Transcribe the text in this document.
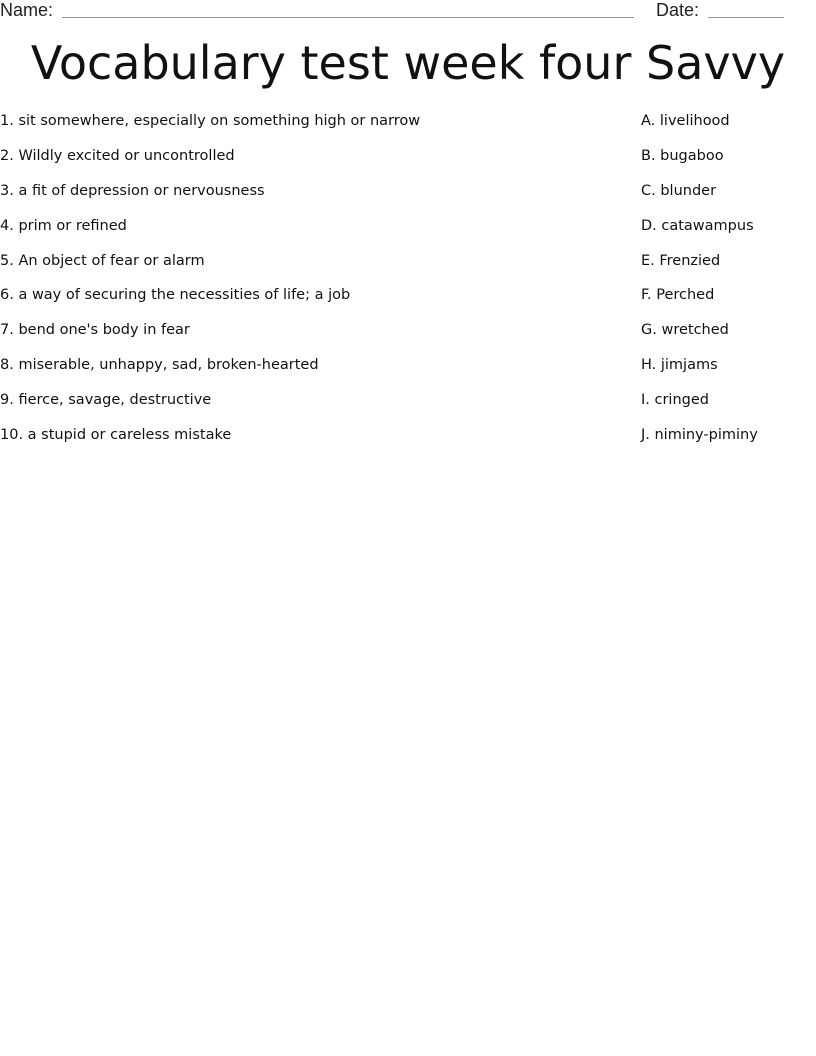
Name:	Date:
Vocabulary test week four Savvy
1. sit somewhere, especially on something high or narrow
2. Wildly excited or uncontrolled
3. a fit of depression or nervousness
4. prim or refined
5. An object of fear or alarm
6. a way of securing the necessities of life; a job
7. bend one's body in fear
8. miserable, unhappy, sad, broken-hearted
9. fierce, savage, destructive
10. a stupid or careless mistake
A. livelihood
B. bugaboo
C. blunder
D. catawampus
E. Frenzied
F. Perched
G. wretched
H. jimjams
I. cringed
J. niminy-piminy
